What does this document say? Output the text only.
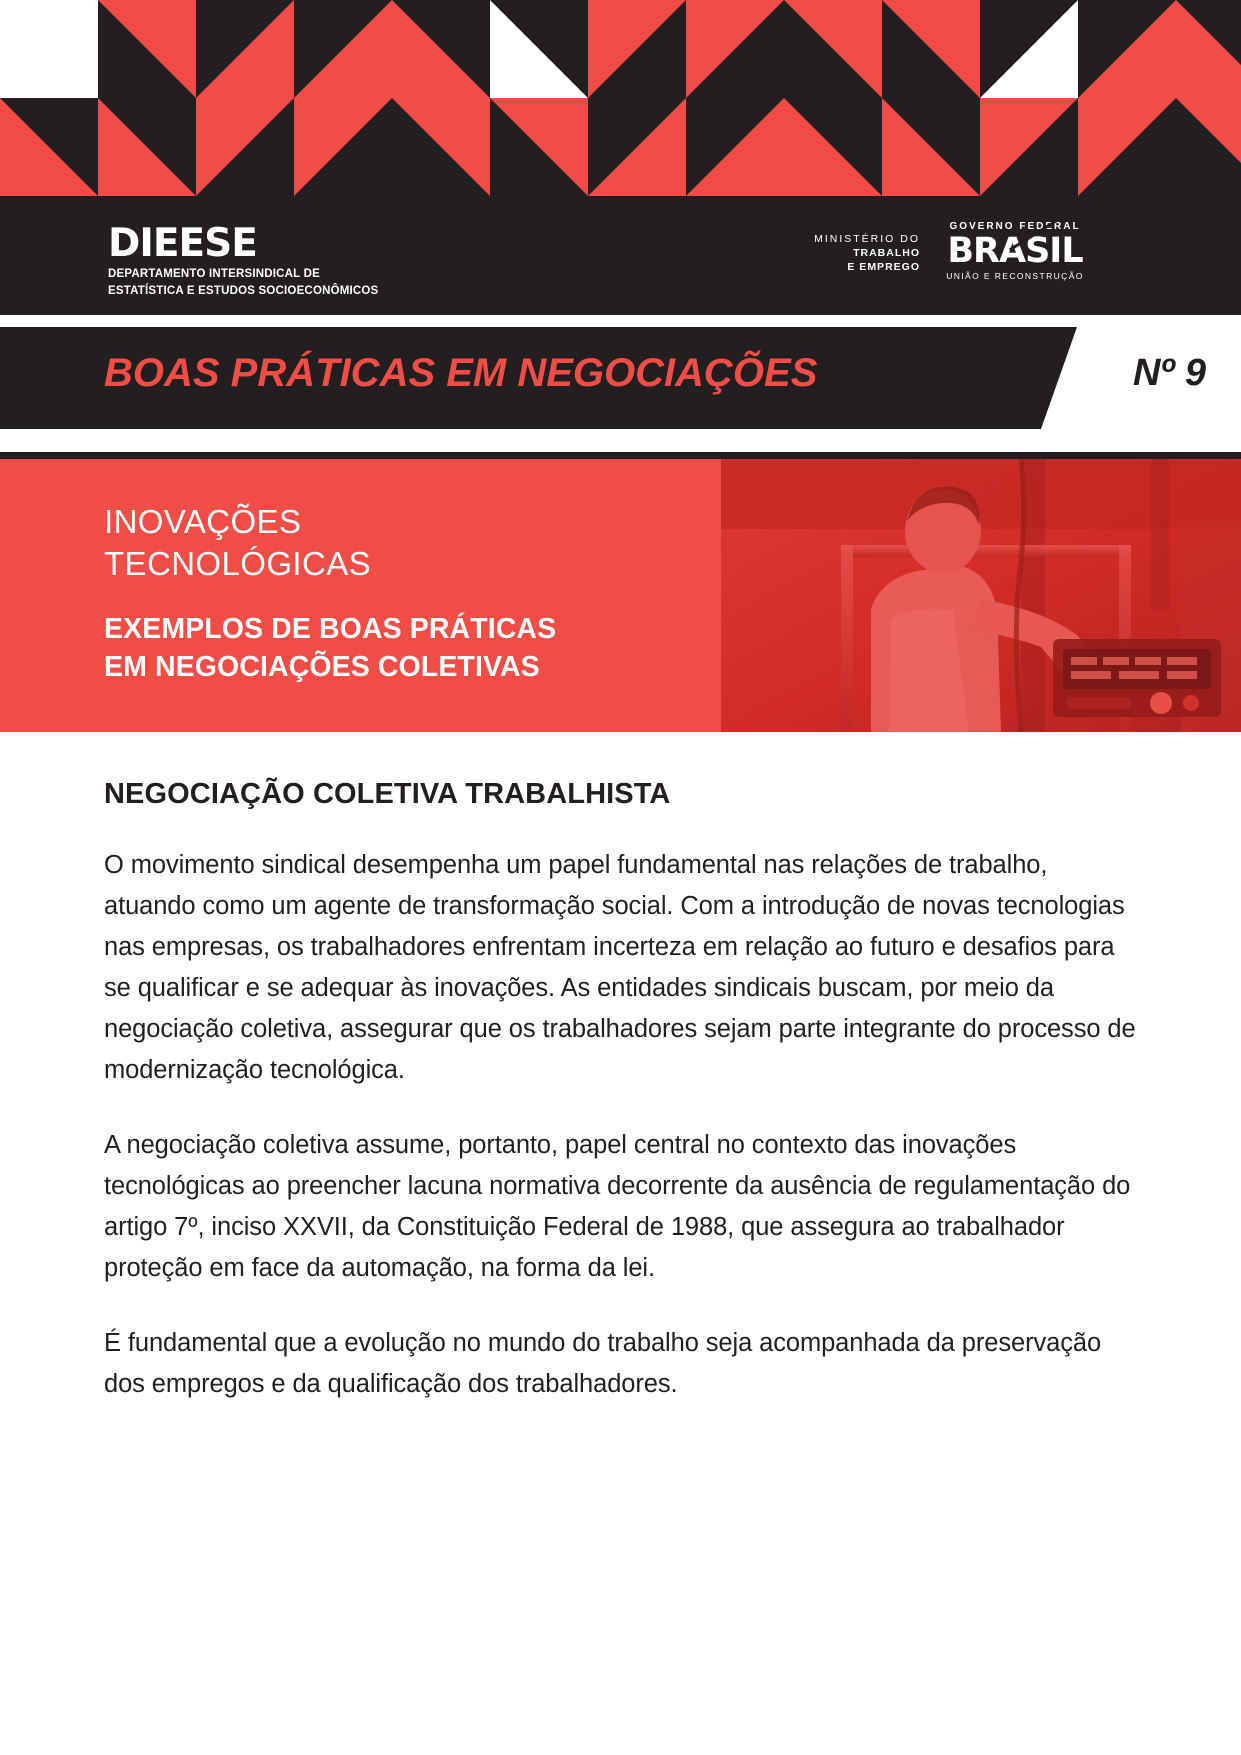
DIEESE
DEPARTAMENTO INTERSINDICAL DE
ESTATÍSTICA E ESTUDOS SOCIOECONÔMICOS
MINISTÉRIO DO
TRABALHO
E EMPREGO
GOVERNO FEDERAL
BRASIL
UNIÃO E RECONSTRUÇÃO
BOAS PRÁTICAS EM NEGOCIAÇÕES	Nº 9
INOVAÇÕES
TECNOLÓGICAS
EXEMPLOS DE BOAS PRÁTICAS
EM NEGOCIAÇÕES COLETIVAS
NEGOCIAÇÃO COLETIVA TRABALHISTA

O movimento sindical desempenha um papel fundamental nas relações de trabalho, atuando como um agente de transformação social. Com a introdução de novas tecnologias nas empresas, os trabalhadores enfrentam incerteza em relação ao futuro e desafios para se qualificar e se adequar às inovações. As entidades sindicais buscam, por meio da negociação coletiva, assegurar que os trabalhadores sejam parte integrante do processo de modernização tecnológica.

A negociação coletiva assume, portanto, papel central no contexto das inovações tecnológicas ao preencher lacuna normativa decorrente da ausência de regulamentação do artigo 7º, inciso XXVII, da Constituição Federal de 1988, que assegura ao trabalhador proteção em face da automação, na forma da lei.

É fundamental que a evolução no mundo do trabalho seja acompanhada da preservação dos empregos e da qualificação dos trabalhadores.
